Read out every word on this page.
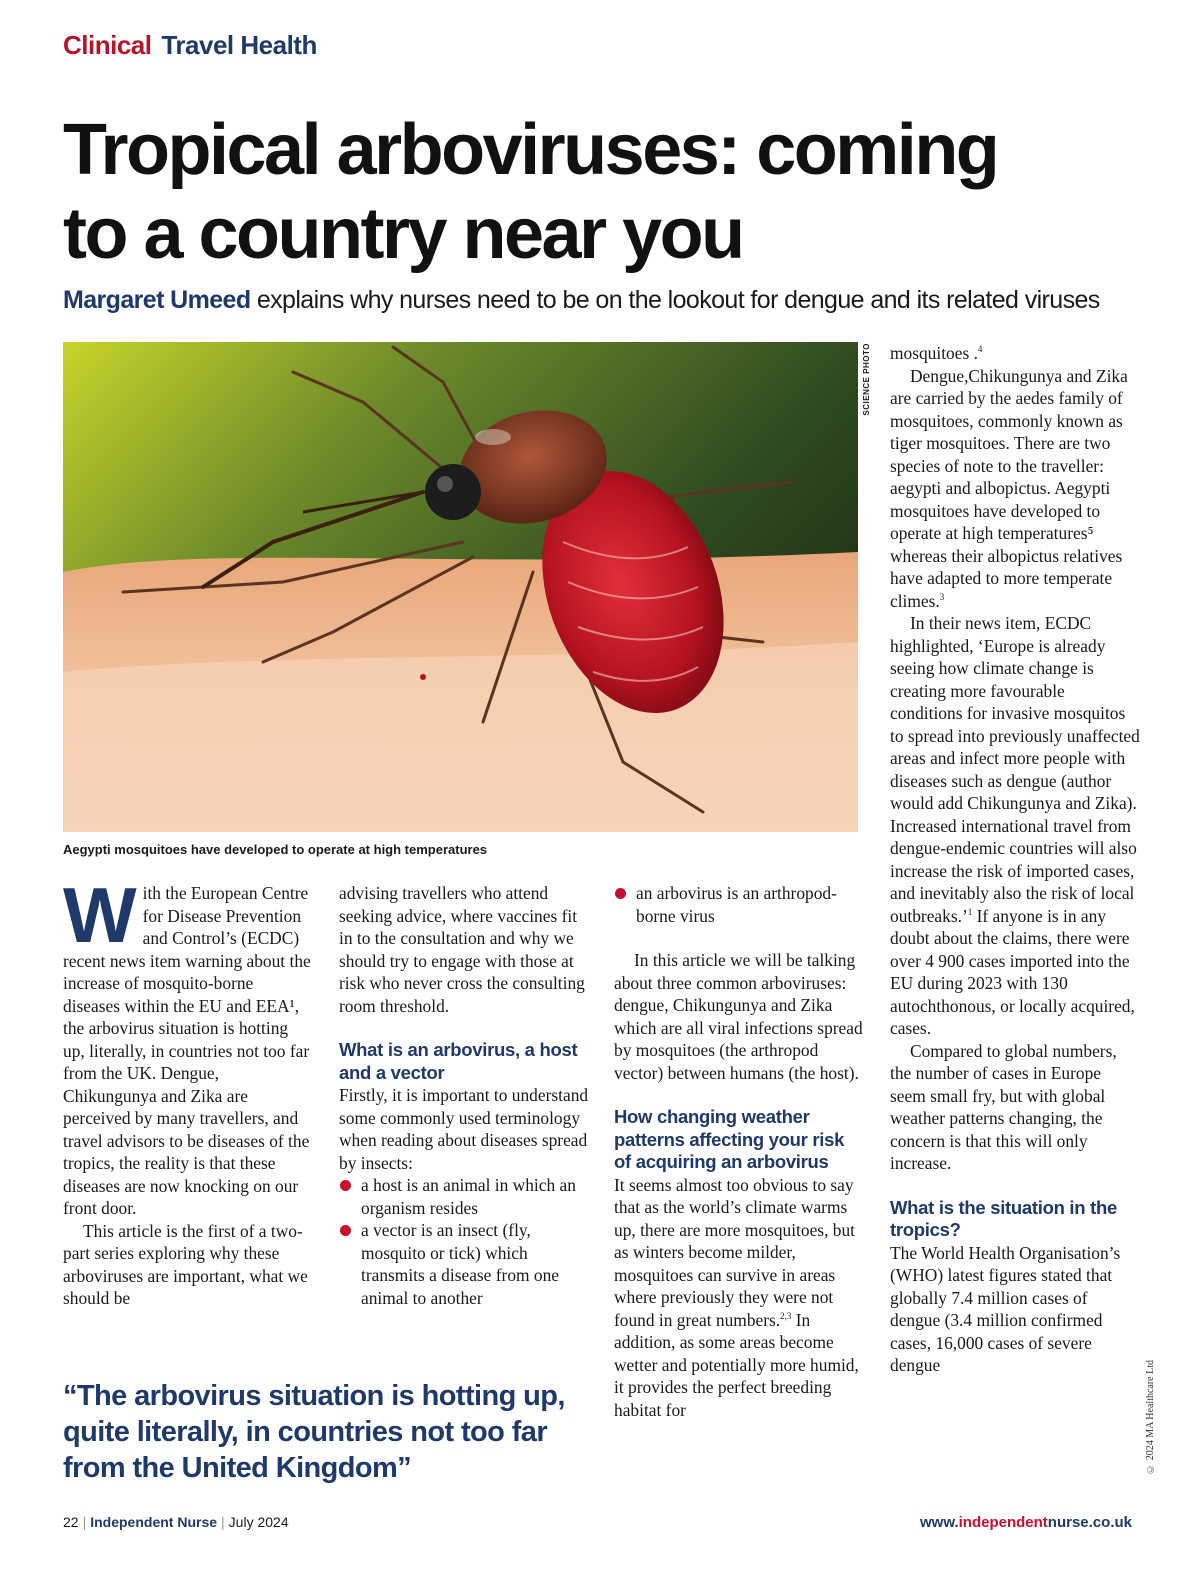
Clinical Travel Health
Tropical arboviruses: coming
to a country near you
Margaret Umeed explains why nurses need to be on the lookout for dengue and its related viruses
SCIENCE PHOTO
Aegypti mosquitoes have developed to operate at high temperatures

With the European Centre for Disease Prevention and Control’s (ECDC) recent news item warning about the increase of mosquito-borne diseases within the EU and EEA¹, the arbovirus situation is hotting up, literally, in countries not too far from the UK. Dengue, Chikungunya and Zika are perceived by many travellers, and travel advisors to be diseases of the tropics, the reality is that these diseases are now knocking on our front door.

This article is the first of a two-part series exploring why these arboviruses are important, what we should be

advising travellers who attend seeking advice, where vaccines fit in to the consultation and why we should try to engage with those at risk who never cross the consulting room threshold.

What is an arbovirus, a host and a vector

Firstly, it is important to understand some commonly used terminology when reading about diseases spread by insects:

a host is an animal in which an organism resides

a vector is an insect (fly, mosquito or tick) which transmits a disease from one animal to another

an arbovirus is an arthropod-borne virus

In this article we will be talking about three common arboviruses: dengue, Chikungunya and Zika which are all viral infections spread by mosquitoes (the arthropod vector) between humans (the host).

How changing weather patterns affecting your risk of acquiring an arbovirus

It seems almost too obvious to say that as the world’s climate warms up, there are more mosquitoes, but as winters become milder, mosquitoes can survive in areas where previously they were not found in great numbers.$^{2,3}$ In addition, as some areas become wetter and potentially more humid, it provides the perfect breeding habitat for

mosquitoes .$^4$

Dengue,Chikungunya and Zika are carried by the aedes family of mosquitoes, commonly known as tiger mosquitoes. There are two species of note to the traveller: aegypti and albopictus. Aegypti mosquitoes have developed to operate at high temperatures⁵ whereas their albopictus relatives have adapted to more temperate climes.$^3$

In their news item, ECDC highlighted, ‘Europe is already seeing how climate change is creating more favourable conditions for invasive mosquitos to spread into previously unaffected areas and infect more people with diseases such as dengue (author would add Chikungunya and Zika). Increased international travel from dengue-endemic countries will also increase the risk of imported cases, and inevitably also the risk of local outbreaks.’$^1$ If anyone is in any doubt about the claims, there were over 4 900 cases imported into the EU during 2023 with 130 autochthonous, or locally acquired, cases.

Compared to global numbers, the number of cases in Europe seem small fry, but with global weather patterns changing, the concern is that this will only increase.

What is the situation in the tropics?

The World Health Organisation’s (WHO) latest figures stated that globally 7.4 million cases of dengue (3.4 million confirmed cases, 16,000 cases of severe dengue

“The arbovirus situation is hotting up, quite literally, in countries not too far from the United Kingdom”

22 | Independent Nurse | July 2024	www.independentnurse.co.uk
© 2024 MA Healthcare Ltd
